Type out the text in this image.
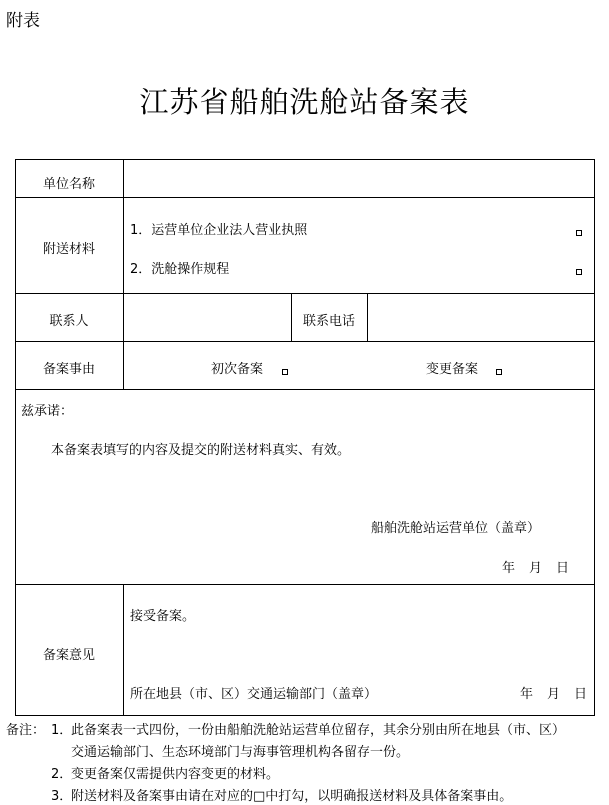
附表
江苏省船舶洗舱站备案表
单位名称
附送材料
1．运营单位企业法人营业执照
2．洗舱操作规程
联系人	联系电话
备案事由	初次备案	变更备案
兹承诺：
本备案表填写的内容及提交的附送材料真实、有效。
船舶洗舱站运营单位（盖章）
年 月 日
备案意见
接受备案。
所在地县（市、区）交通运输部门（盖章）	年 月 日
备注： 1．
此备案表一式四份，一份由船舶洗舱站运营单位留存，其余分别由所在地县（市、区）
交通运输部门、生态环境部门与海事管理机构各留存一份。
2．
变更备案仅需提供内容变更的材料。
3．
附送材料及备案事由请在对应的□中打勾，以明确报送材料及具体备案事由。
